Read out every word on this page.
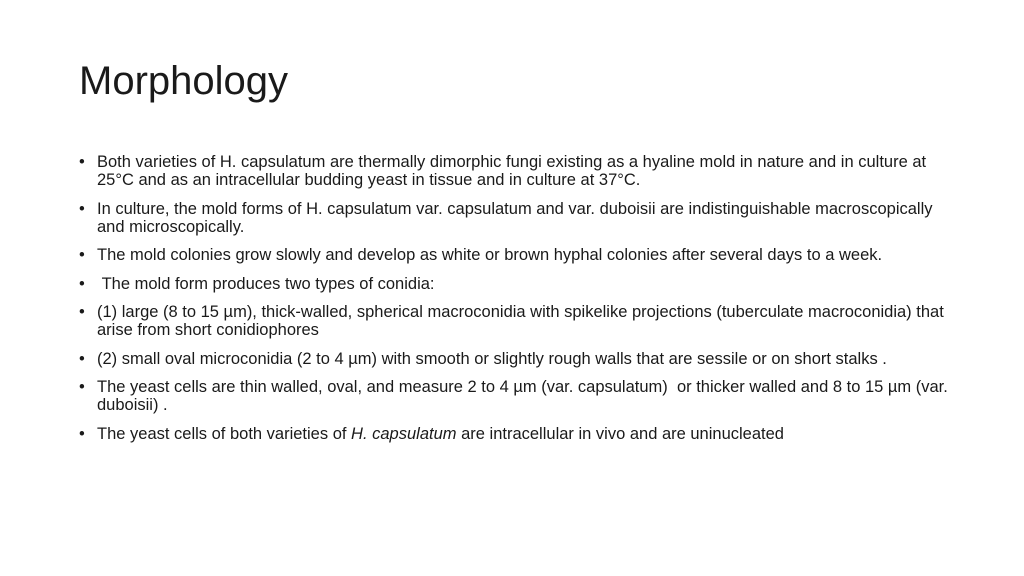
Morphology
• Both varieties of H. capsulatum are thermally dimorphic fungi existing as a hyaline mold in nature and in culture at 25°C and as an intracellular budding yeast in tissue and in culture at 37°C.
• In culture, the mold forms of H. capsulatum var. capsulatum and var. duboisii are indistinguishable macroscopically and microscopically.
• The mold colonies grow slowly and develop as white or brown hyphal colonies after several days to a week.
• The mold form produces two types of conidia:
• (1) large (8 to 15 µm), thick-walled, spherical macroconidia with spikelike projections (tuberculate macroconidia) that arise from short conidiophores
• (2) small oval microconidia (2 to 4 µm) with smooth or slightly rough walls that are sessile or on short stalks .
• The yeast cells are thin walled, oval, and measure 2 to 4 µm (var. capsulatum)  or thicker walled and 8 to 15 µm (var. duboisii) .
• The yeast cells of both varieties of H. capsulatum are intracellular in vivo and are uninucleated
